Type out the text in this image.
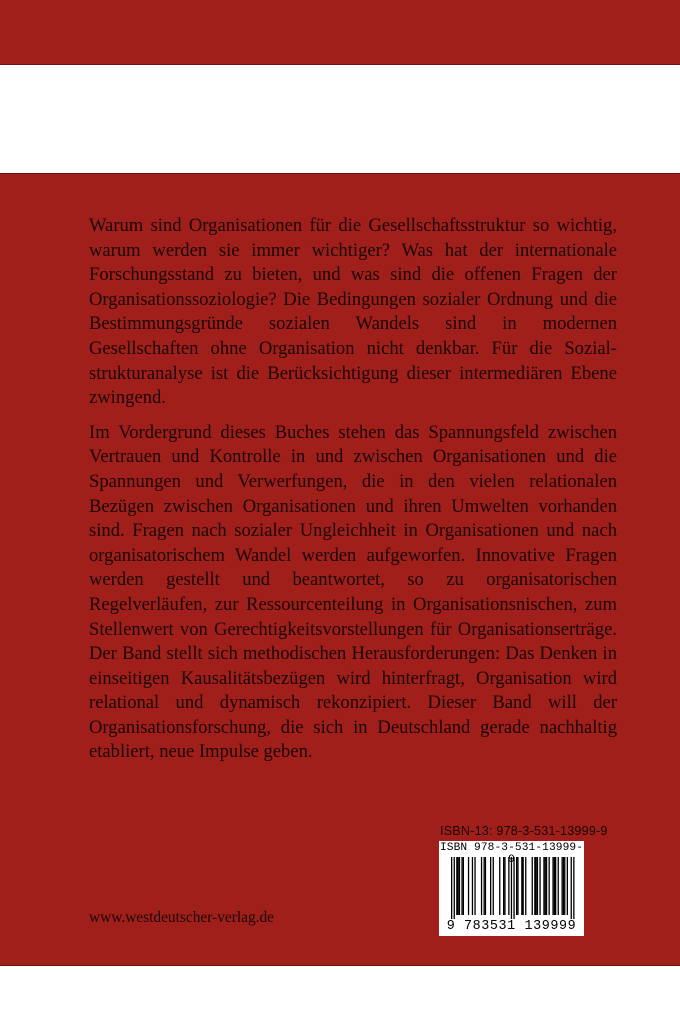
Warum sind Organisationen für die Gesellschaftsstruktur so wichtig, warum werden sie immer wichtiger? Was hat der internationale Forschungsstand zu bieten, und was sind die offenen Fragen der Organisationssoziologie? Die Bedingungen sozialer Ordnung und die Bestimmungsgründe sozialen Wandels sind in modernen Gesellschaften ohne Organisation nicht denkbar. Für die Sozialstrukturanalyse ist die Berücksichtigung dieser intermediären Ebene zwingend.

Im Vordergrund dieses Buches stehen das Spannungsfeld zwischen Vertrauen und Kontrolle in und zwischen Organisationen und die Spannungen und Verwerfungen, die in den vielen relationalen Bezügen zwischen Organisationen und ihren Umwelten vorhanden sind. Fragen nach sozialer Ungleichheit in Organisationen und nach organisatorischem Wandel werden aufgeworfen. Innovative Fragen werden gestellt und beantwortet, so zu organisatorischen Regelverläufen, zur Ressourcenteilung in Organisationsnischen, zum Stellenwert von Gerechtigkeitsvorstellungen für Organisationserträge. Der Band stellt sich methodischen Herausforderungen: Das Denken in einseitigen Kausalitätsbezügen wird hinterfragt, Organisation wird relational und dynamisch rekonzipiert. Dieser Band will der Organisationsforschung, die sich in Deutschland gerade nachhaltig etabliert, neue Impulse geben.

ISBN-13: 978-3-531-13999-9
ISBN 978-3-531-13999-9
9 783531 139999
www.westdeutscher-verlag.de
